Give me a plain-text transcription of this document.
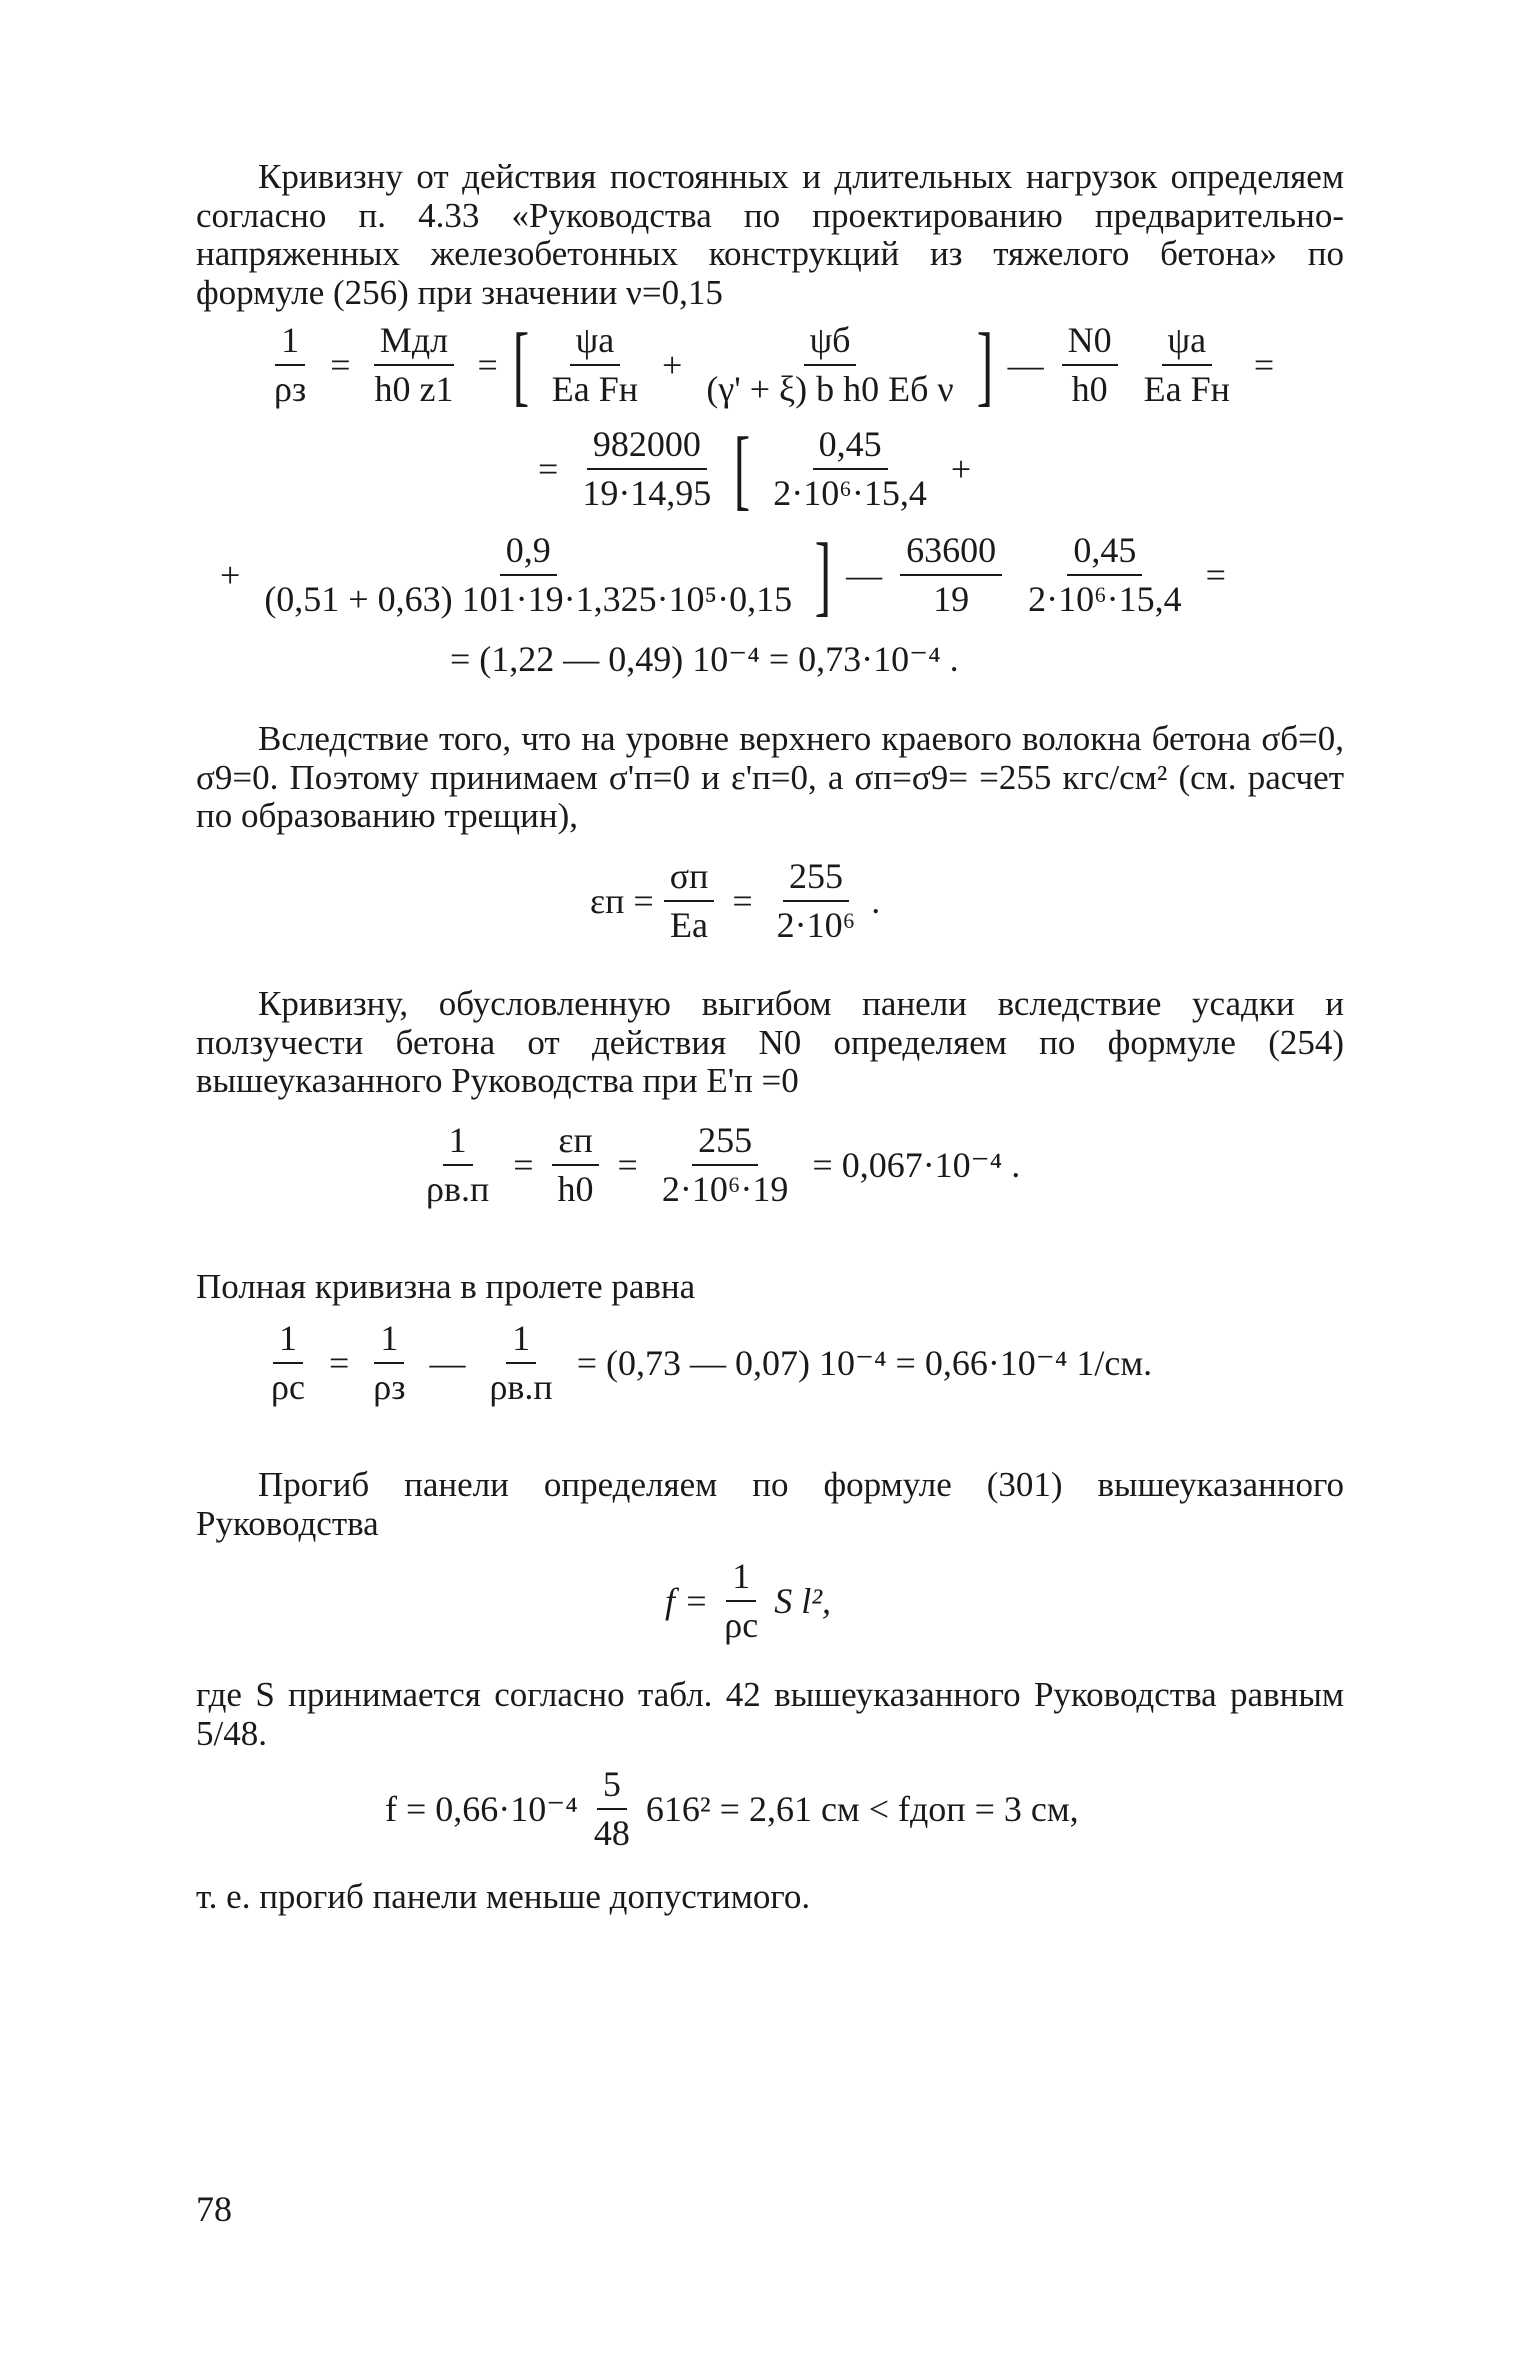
Кривизну от действия постоянных и длительных нагрузок определяем согласно п. 4.33 «Руководства по проектированию предварительно-напряженных железобетонных конструкций из тяжелого бетона» по формуле (256) при значении ν=0,15

$\frac{1}{\rho з} = \frac{\text{Mдл}}{h0 z1}$ = [ $\frac{\psi a}{\text{Ea Fн}} + \frac{\psi б}{\text{(γ' + ξ) b h0 Eб ν}}$ ] — $\frac{N0}{h0} \frac{\psi a}{\text{Ea Fн}}$ =
= $\frac{982000}{19\cdot 14,95}$ [ $\frac{0,45}{\text{2·10⁶·15,4}}$ +
+ $\frac{0,9}{\text{(0,51 + 0,63) 101·19·1,325·10⁵·0,15}}$ ] — $\frac{63600}{19} \frac{0,45}{\text{2·10⁶·15,4}}$ =
= (1,22 — 0,49) 10⁻⁴ = 0,73·10⁻⁴ .

Вследствие того, что на уровне верхнего краевого волокна бетона σб=0, σ9=0. Поэтому принимаем σ'п=0 и ε'п=0, а σп=σ9= =255 кгс/см² (см. расчет по образованию трещин),

$\varepsilon п = \frac{\sigma п}{Ea} = \frac{255}{\text{2·10⁶}}$ .

Кривизну, обусловленную выгибом панели вследствие усадки и ползучести бетона от действия N0 определяем по формуле (254) вышеуказанного Руководства при E'п =0

$\frac{1}{\rho в.п} = \frac{\varepsilon п}{h0} = \frac{255}{\text{2·10⁶·19}} = 0,067\cdot 10^{-4}$ .

Полная кривизна в пролете равна

$\frac{1}{\rho с} = \frac{1}{\rho з}$ — $\frac{1}{\rho в.п} = (0,73$ — 0,07) 10⁻⁴ = 0,66·10⁻⁴ 1/см.

Прогиб панели определяем по формуле (301) вышеуказанного Руководства

$f = \frac{1}{\rho с}$ S l²,

где S принимается согласно табл. 42 вышеуказанного Руководства равным 5/48.

$f = 0,66\cdot 10^{-4} \frac{5}{48} 616^2 = 2,61$ см < fдоп = 3 см,

т. е. прогиб панели меньше допустимого.

78
